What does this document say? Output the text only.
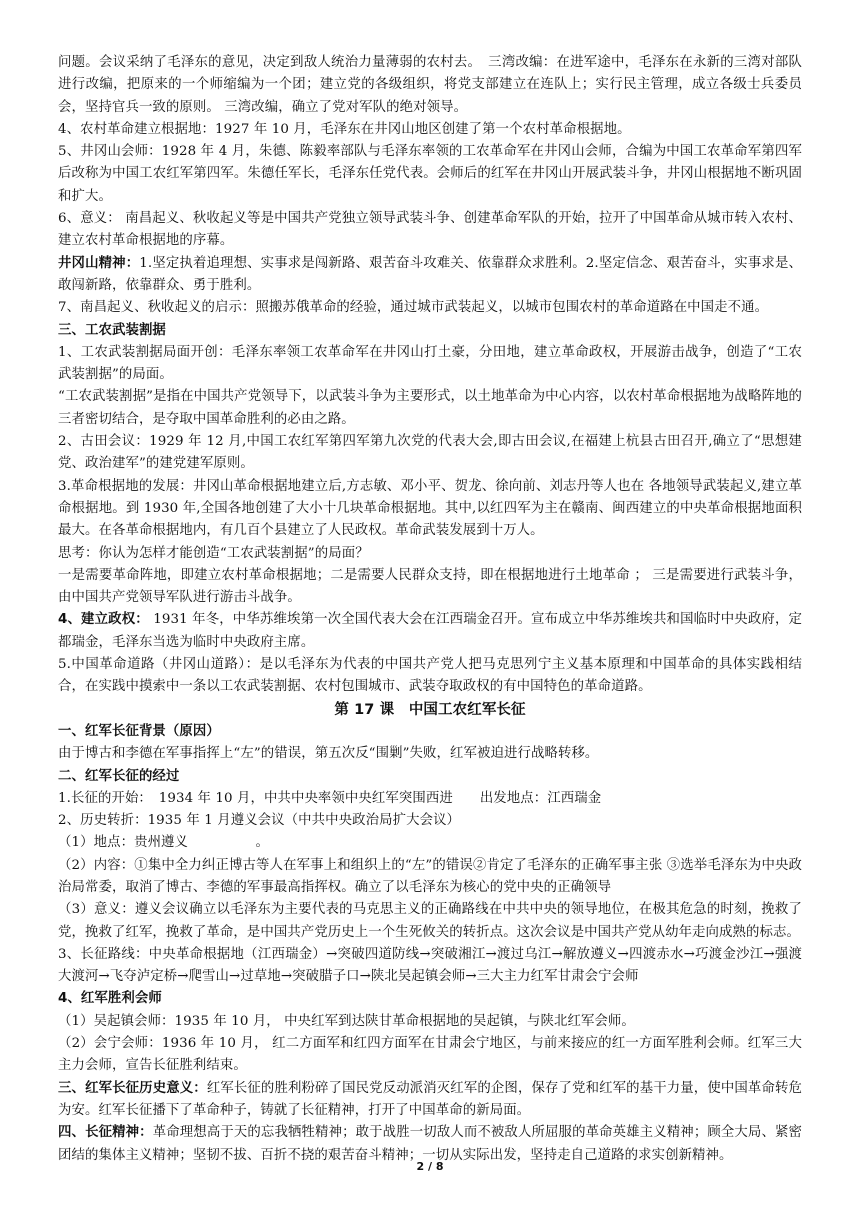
问题。会议采纳了毛泽东的意见，决定到敌人统治力量薄弱的农村去。　三湾改编：在进军途中，毛泽东在永新的三湾对部队进行改编，把原来的一个师缩编为一个团；建立党的各级组织，将党支部建立在连队上；实行民主管理，成立各级士兵委员会，坚持官兵一致的原则。 三湾改编，确立了党对军队的绝对领导。

4、农村革命建立根据地：1927 年 10 月，毛泽东在井冈山地区创建了第一个农村革命根据地。

5、井冈山会师：1928 年 4 月，朱德、陈毅率部队与毛泽东率领的工农革命军在井冈山会师，合编为中国工农革命军第四军后改称为中国工农红军第四军。朱德任军长，毛泽东任党代表。会师后的红军在井冈山开展武装斗争，井冈山根据地不断巩固和扩大。

6、意义： 南昌起义、秋收起义等是中国共产党独立领导武装斗争、创建革命军队的开始，拉开了中国革命从城市转入农村、建立农村革命根据地的序幕。

井冈山精神：1.坚定执着追理想、实事求是闯新路、艰苦奋斗攻难关、依靠群众求胜利。2.坚定信念、艰苦奋斗，实事求是、敢闯新路，依靠群众、勇于胜利。

7、南昌起义、秋收起义的启示：照搬苏俄革命的经验，通过城市武装起义，以城市包围农村的革命道路在中国走不通。

三、工农武装割据

1、工农武装割据局面开创：毛泽东率领工农革命军在井冈山打土豪，分田地，建立革命政权，开展游击战争，创造了“工农武装割据”的局面。

“工农武装割据”是指在中国共产党领导下，以武装斗争为主要形式，以土地革命为中心内容，以农村革命根据地为战略阵地的三者密切结合，是夺取中国革命胜利的必由之路。

2、古田会议：1929 年 12 月,中国工农红军第四军第九次党的代表大会,即古田会议,在福建上杭县古田召开,确立了“思想建党、政治建军”的建党建军原则。

3.革命根据地的发展：井冈山革命根据地建立后,方志敏、邓小平、贺龙、徐向前、刘志丹等人也在 各地领导武装起义,建立革命根据地。到 1930 年,全国各地创建了大小十几块革命根据地。其中,以红四军为主在赣南、闽西建立的中央革命根据地面积最大。在各革命根据地内，有几百个县建立了人民政权。革命武装发展到十万人。

思考：你认为怎样才能创造“工农武装割据”的局面？

一是需要革命阵地，即建立农村革命根据地；二是需要人民群众支持，即在根据地进行土地革命 ； 三是需要进行武装斗争，由中国共产党领导军队进行游击斗战争。

4、建立政权： 1931 年冬，中华苏维埃第一次全国代表大会在江西瑞金召开。宣布成立中华苏维埃共和国临时中央政府，定都瑞金，毛泽东当选为临时中央政府主席。

5.中国革命道路（井冈山道路）：是以毛泽东为代表的中国共产党人把马克思列宁主义基本原理和中国革命的具体实践相结合，在实践中摸索中一条以工农武装割据、农村包围城市、武装夺取政权的有中国特色的革命道路。

第 17 课　中国工农红军长征

一、红军长征背景（原因）

由于博古和李德在军事指挥上“左”的错误，第五次反“围剿”失败，红军被迫进行战略转移。

二、红军长征的经过

1.长征的开始：　1934 年 10 月，中共中央率领中央红军突围西进　　出发地点：江西瑞金

2、历史转折：1935 年 1 月遵义会议（中共中央政治局扩大会议）

（1）地点：贵州遵义　　　　　。

（2）内容：①集中全力纠正博古等人在军事上和组织上的“左”的错误②肯定了毛泽东的正确军事主张 ③选举毛泽东为中央政治局常委，取消了博古、李德的军事最高指挥权。确立了以毛泽东为核心的党中央的正确领导

（3）意义：遵义会议确立以毛泽东为主要代表的马克思主义的正确路线在中共中央的领导地位，在极其危急的时刻，挽救了党，挽救了红军，挽救了革命，是中国共产党历史上一个生死攸关的转折点。这次会议是中国共产党从幼年走向成熟的标志。

3、长征路线：中央革命根据地（江西瑞金）→突破四道防线→突破湘江→渡过乌江→解放遵义→四渡赤水→巧渡金沙江→强渡大渡河→飞夺泸定桥→爬雪山→过草地→突破腊子口→陕北吴起镇会师→三大主力红军甘肃会宁会师

4、红军胜利会师

（1）吴起镇会师：1935 年 10 月， 中央红军到达陕甘革命根据地的吴起镇，与陕北红军会师。

（2）会宁会师：1936 年 10 月， 红二方面军和红四方面军在甘肃会宁地区，与前来接应的红一方面军胜利会师。红军三大主力会师，宣告长征胜利结束。

三、红军长征历史意义：红军长征的胜利粉碎了国民党反动派消灭红军的企图，保存了党和红军的基干力量，使中国革命转危为安。红军长征播下了革命种子，铸就了长征精神，打开了中国革命的新局面。

四、长征精神：革命理想高于天的忘我牺牲精神；敢于战胜一切敌人而不被敌人所屈服的革命英雄主义精神；顾全大局、紧密团结的集体主义精神；坚韧不拔、百折不挠的艰苦奋斗精神；一切从实际出发，坚持走自己道路的求实创新精神。

2 / 8
